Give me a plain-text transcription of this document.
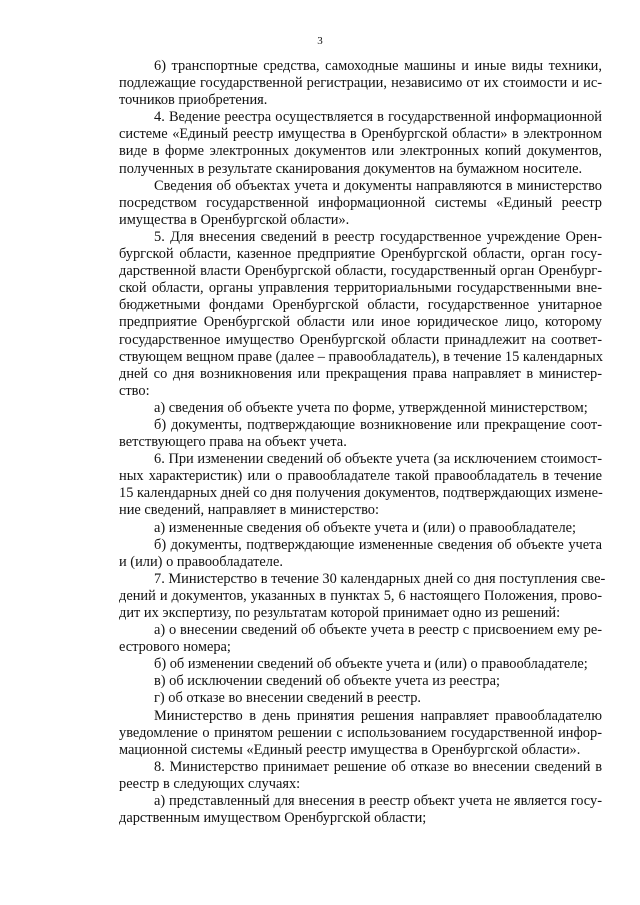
3
6) транспортные средства, самоходные машины и иные виды техники,
подлежащие государственной регистрации, независимо от их стоимости и ис-
точников приобретения.
4. Ведение реестра осуществляется в государственной информационной
системе «Единый реестр имущества в Оренбургской области» в электронном
виде в форме электронных документов или электронных копий документов,
полученных в результате сканирования документов на бумажном носителе.
Сведения об объектах учета и документы направляются в министерство
посредством государственной информационной системы «Единый реестр
имущества в Оренбургской области».
5. Для внесения сведений в реестр государственное учреждение Орен-
бургской области, казенное предприятие Оренбургской области, орган госу-
дарственной власти Оренбургской области, государственный орган Оренбург-
ской области, органы управления территориальными государственными вне-
бюджетными фондами Оренбургской области, государственное унитарное
предприятие Оренбургской области или иное юридическое лицо, которому
государственное имущество Оренбургской области принадлежит на соответ-
ствующем вещном праве (далее – правообладатель), в течение 15 календарных
дней со дня возникновения или прекращения права направляет в министер-
ство:
а) сведения об объекте учета по форме, утвержденной министерством;
б) документы, подтверждающие возникновение или прекращение соот-
ветствующего права на объект учета.
6. При изменении сведений об объекте учета (за исключением стоимост-
ных характеристик) или о правообладателе такой правообладатель в течение
15 календарных дней со дня получения документов, подтверждающих измене-
ние сведений, направляет в министерство:
а) измененные сведения об объекте учета и (или) о правообладателе;
б) документы, подтверждающие измененные сведения об объекте учета
и (или) о правообладателе.
7. Министерство в течение 30 календарных дней со дня поступления све-
дений и документов, указанных в пунктах 5, 6 настоящего Положения, прово-
дит их экспертизу, по результатам которой принимает одно из решений:
а) о внесении сведений об объекте учета в реестр с присвоением ему ре-
естрового номера;
б) об изменении сведений об объекте учета и (или) о правообладателе;
в) об исключении сведений об объекте учета из реестра;
г) об отказе во внесении сведений в реестр.
Министерство в день принятия решения направляет правообладателю
уведомление о принятом решении с использованием государственной инфор-
мационной системы «Единый реестр имущества в Оренбургской области».
8. Министерство принимает решение об отказе во внесении сведений в
реестр в следующих случаях:
а) представленный для внесения в реестр объект учета не является госу-
дарственным имуществом Оренбургской области;
